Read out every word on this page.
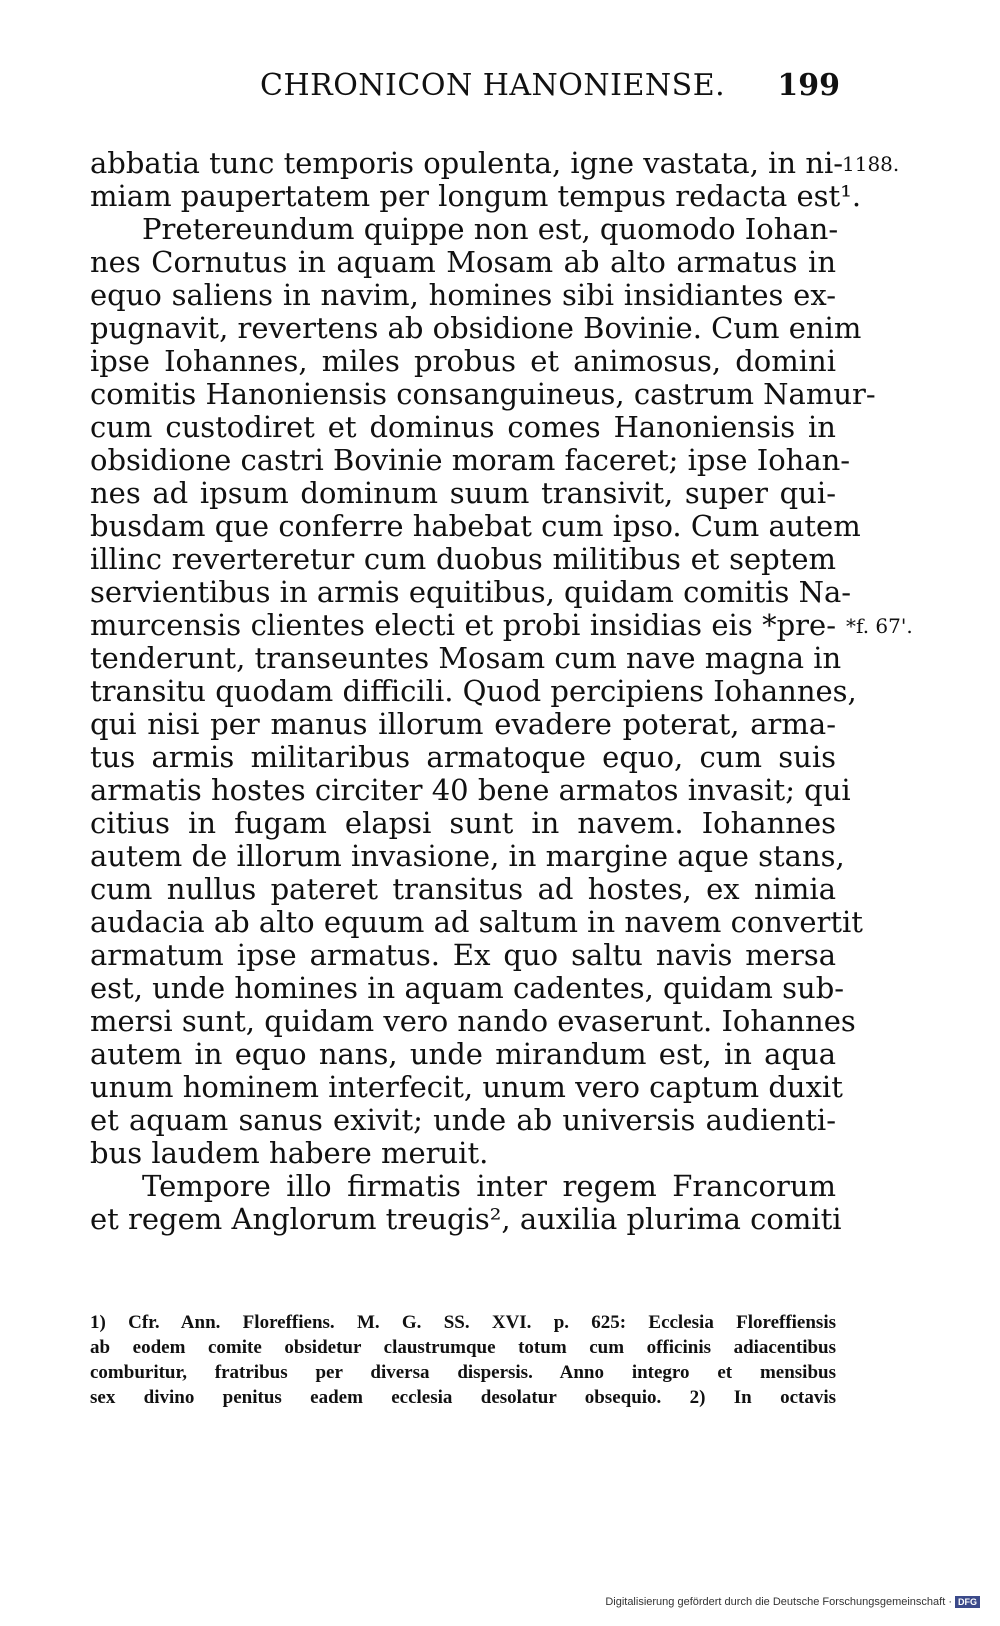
CHRONICON HANONIENSE. 199
abbatia tunc temporis opulenta, igne vastata, in ni-
miam paupertatem per longum tempus redacta est¹.
Pretereundum quippe non est, quomodo Iohan-
nes Cornutus in aquam Mosam ab alto armatus in
equo saliens in navim, homines sibi insidiantes ex-
pugnavit, revertens ab obsidione Bovinie. Cum enim
ipse Iohannes, miles probus et animosus, domini
comitis Hanoniensis consanguineus, castrum Namur-
cum custodiret et dominus comes Hanoniensis in
obsidione castri Bovinie moram faceret; ipse Iohan-
nes ad ipsum dominum suum transivit, super qui-
busdam que conferre habebat cum ipso. Cum autem
illinc reverteretur cum duobus militibus et septem
servientibus in armis equitibus, quidam comitis Na-
murcensis clientes electi et probi insidias eis *pre-
tenderunt, transeuntes Mosam cum nave magna in
transitu quodam difficili. Quod percipiens Iohannes,
qui nisi per manus illorum evadere poterat, arma-
tus armis militaribus armatoque equo, cum suis
armatis hostes circiter 40 bene armatos invasit; qui
citius in fugam elapsi sunt in navem. Iohannes
autem de illorum invasione, in margine aque stans,
cum nullus pateret transitus ad hostes, ex nimia
audacia ab alto equum ad saltum in navem convertit
armatum ipse armatus. Ex quo saltu navis mersa
est, unde homines in aquam cadentes, quidam sub-
mersi sunt, quidam vero nando evaserunt. Iohannes
autem in equo nans, unde mirandum est, in aqua
unum hominem interfecit, unum vero captum duxit
et aquam sanus exivit; unde ab universis audienti-
bus laudem habere meruit.
Tempore illo firmatis inter regem Francorum
et regem Anglorum treugis², auxilia plurima comiti
1188.
*f. 67'.
1) Cfr. Ann. Floreffiens. M. G. SS. XVI. p. 625: Ecclesia Floreffiensis
ab eodem comite obsidetur claustrumque totum cum officinis adiacentibus
comburitur, fratribus per diversa dispersis. Anno integro et mensibus
sex divino penitus eadem ecclesia desolatur obsequio. 2) In octavis
Digitalisierung gefördert durch die Deutsche Forschungsgemeinschaft · DFG
